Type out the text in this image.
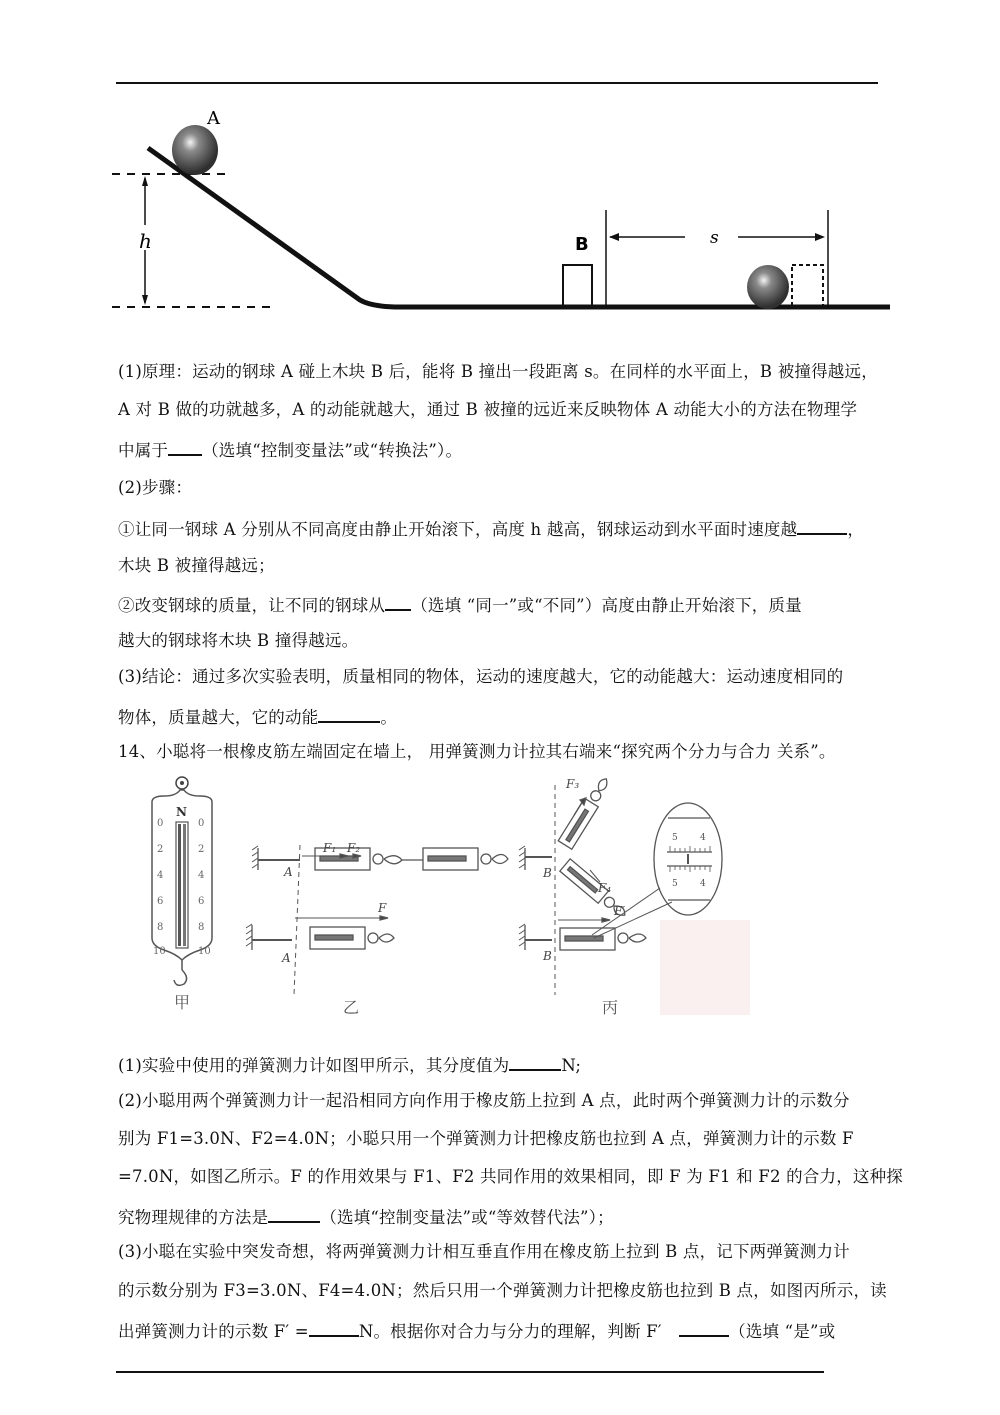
h
A
B	s
(1)原理：运动的钢球 A 碰上木块 B 后，能将 B 撞出一段距离 s。在同样的水平面上，B 被撞得越远，
A 对 B 做的功就越多，A 的动能就越大，通过 B 被撞的远近来反映物体 A 动能大小的方法在物理学
中属于 （选填“控制变量法”或“转换法”）。
(2)步骤：
①让同一钢球 A 分别从不同高度由静止开始滚下，高度 h 越高，钢球运动到水平面时速度越	，
木块 B 被撞得越远；
②改变钢球的质量，让不同的钢球从 （选填 “同一”或“不同”）高度由静止开始滚下，质量
越大的钢球将木块 B 撞得越远。
(3)结论：通过多次实验表明，质量相同的物体，运动的速度越大，它的动能越大：运动速度相同的
物体，质量越大，它的动能	。
14、小聪将一根橡皮筋左端固定在墙上， 用弹簧测力计拉其右端来“探究两个分力与合力 关系”。
N
0	0
2	2
4	4
6	6
8	8
10	10
甲
F₁ F₂
A
F
A
乙
F₃
F₄
B
F′
B
5 4
5 4
丙
(1)实验中使用的弹簧测力计如图甲所示，其分度值为	N;
(2)小聪用两个弹簧测力计一起沿相同方向作用于橡皮筋上拉到 A 点，此时两个弹簧测力计的示数分
别为 F1=3.0N、F2=4.0N；小聪只用一个弹簧测力计把橡皮筋也拉到 A 点，弹簧测力计的示数 F
=7.0N，如图乙所示。F 的作用效果与 F1、F2 共同作用的效果相同，即 F 为 F1 和 F2 的合力，这种探
究物理规律的方法是	（选填“控制变量法”或“等效替代法”）；
(3)小聪在实验中突发奇想，将两弹簧测力计相互垂直作用在橡皮筋上拉到 B 点，记下两弹簧测力计
的示数分别为 F3=3.0N、F4=4.0N；然后只用一个弹簧测力计把橡皮筋也拉到 B 点，如图丙所示，读
出弹簧测力计的示数 F′ =	N。根据你对合力与分力的理解，判断 F′	（选填 “是”或
